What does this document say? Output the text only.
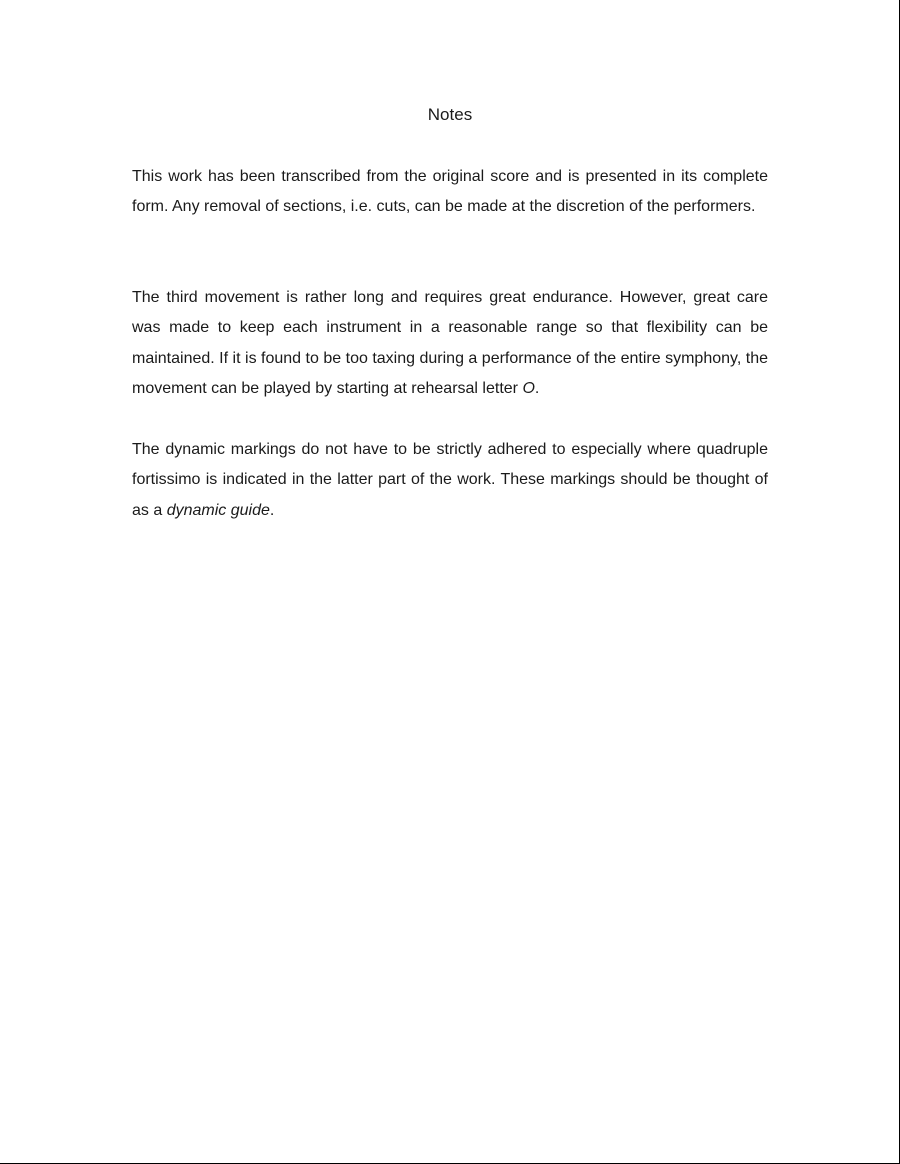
Notes

This work has been transcribed from the original score and is presented in its complete form. Any removal of sections, i.e. cuts, can be made at the discretion of the performers.

The third movement is rather long and requires great endurance. However, great care was made to keep each instrument in a reasonable range so that flexibility can be maintained. If it is found to be too taxing during a performance of the entire symphony, the movement can be played by starting at rehearsal letter O.

The dynamic markings do not have to be strictly adhered to especially where quadruple fortissimo is indicated in the latter part of the work. These markings should be thought of as a dynamic guide.
